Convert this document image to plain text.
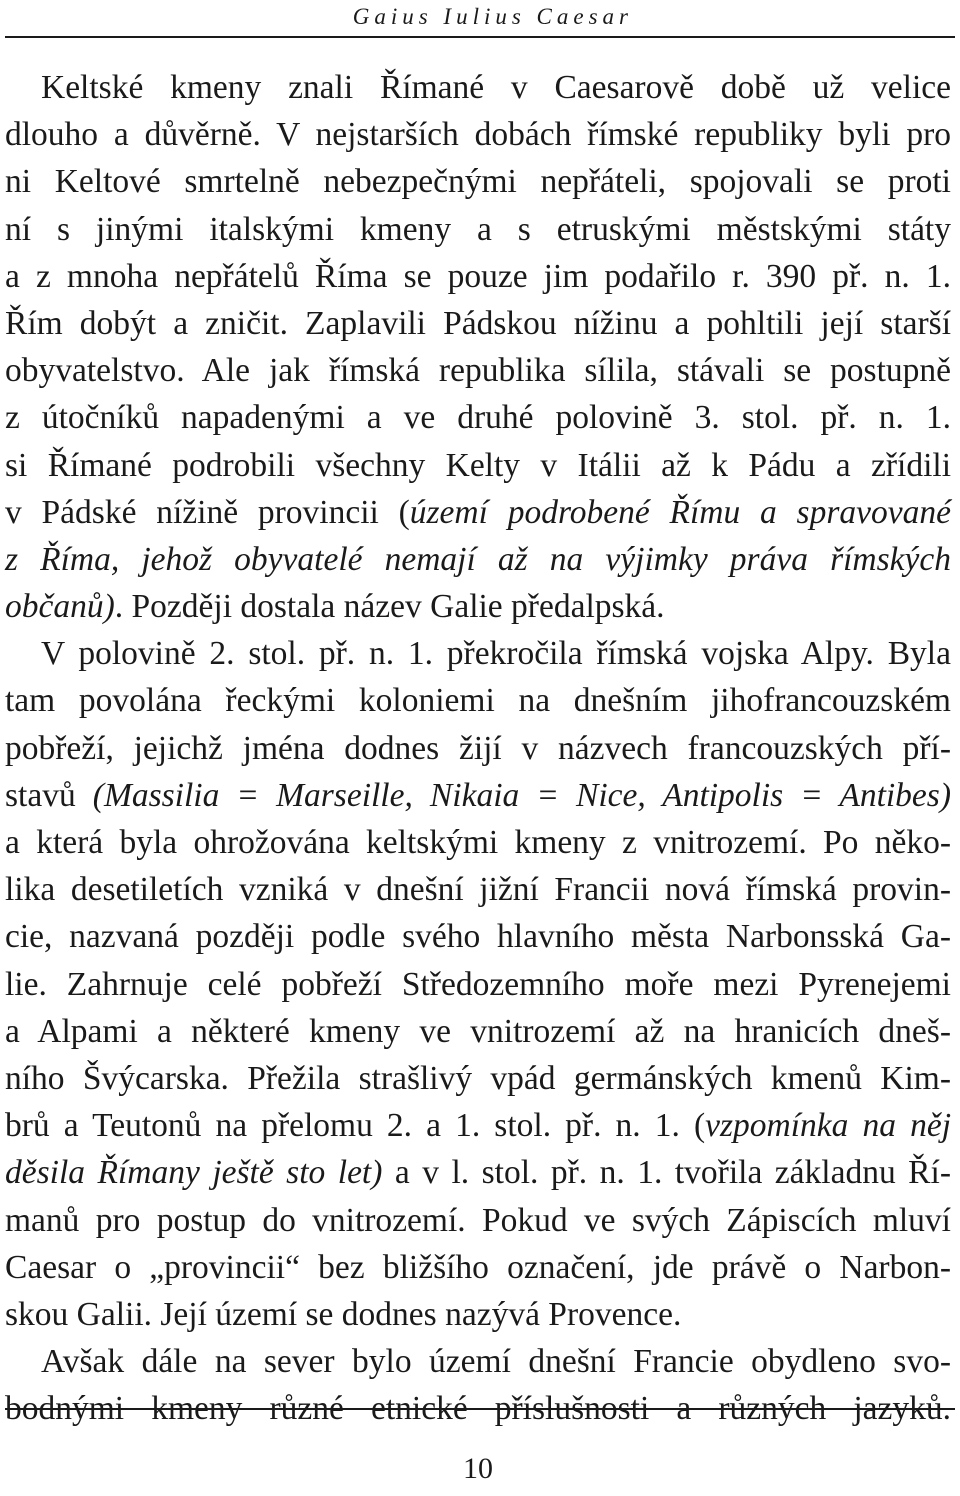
Gaius Iulius Caesar
Keltské kmeny znali Římané v Caesarově době už velice
dlouho a důvěrně. V nejstarších dobách římské republiky byli pro
ni Keltové smrtelně nebezpečnými nepřáteli, spojovali se proti
ní s jinými italskými kmeny a s etruskými městskými státy
a z mnoha nepřátelů Říma se pouze jim podařilo r. 390 př. n. 1.
Řím dobýt a zničit. Zaplavili Pádskou nížinu a pohltili její starší
obyvatelstvo. Ale jak římská republika sílila, stávali se postupně
z útočníků napadenými a ve druhé polovině 3. stol. př. n. 1.
si Římané podrobili všechny Kelty v Itálii až k Pádu a zřídili
v Pádské nížině provincii (území podrobené Římu a spravované
z Říma, jehož obyvatelé nemají až na výjimky práva římských
občanů). Později dostala název Galie předalpská.
V polovině 2. stol. př. n. 1. překročila římská vojska Alpy. Byla
tam povolána řeckými koloniemi na dnešním jihofrancouzském
pobřeží, jejichž jména dodnes žijí v názvech francouzských pří-
stavů (Massilia = Marseille, Nikaia = Nice, Antipolis = Antibes)
a která byla ohrožována keltskými kmeny z vnitrozemí. Po něko-
lika desetiletích vzniká v dnešní jižní Francii nová římská provin-
cie, nazvaná později podle svého hlavního města Narbonsská Ga-
lie. Zahrnuje celé pobřeží Středozemního moře mezi Pyrenejemi
a Alpami a některé kmeny ve vnitrozemí až na hranicích dneš-
ního Švýcarska. Přežila strašlivý vpád germánských kmenů Kim-
brů a Teutonů na přelomu 2. a 1. stol. př. n. 1. (vzpomínka na něj
děsila Římany ještě sto let) a v l. stol. př. n. 1. tvořila základnu Ří-
manů pro postup do vnitrozemí. Pokud ve svých Zápiscích mluví
Caesar o „provincii“ bez bližšího označení, jde právě o Narbon-
skou Galii. Její území se dodnes nazývá Provence.
Avšak dále na sever bylo území dnešní Francie obydleno svo-
bodnými kmeny různé etnické příslušnosti a různých jazyků.
10
